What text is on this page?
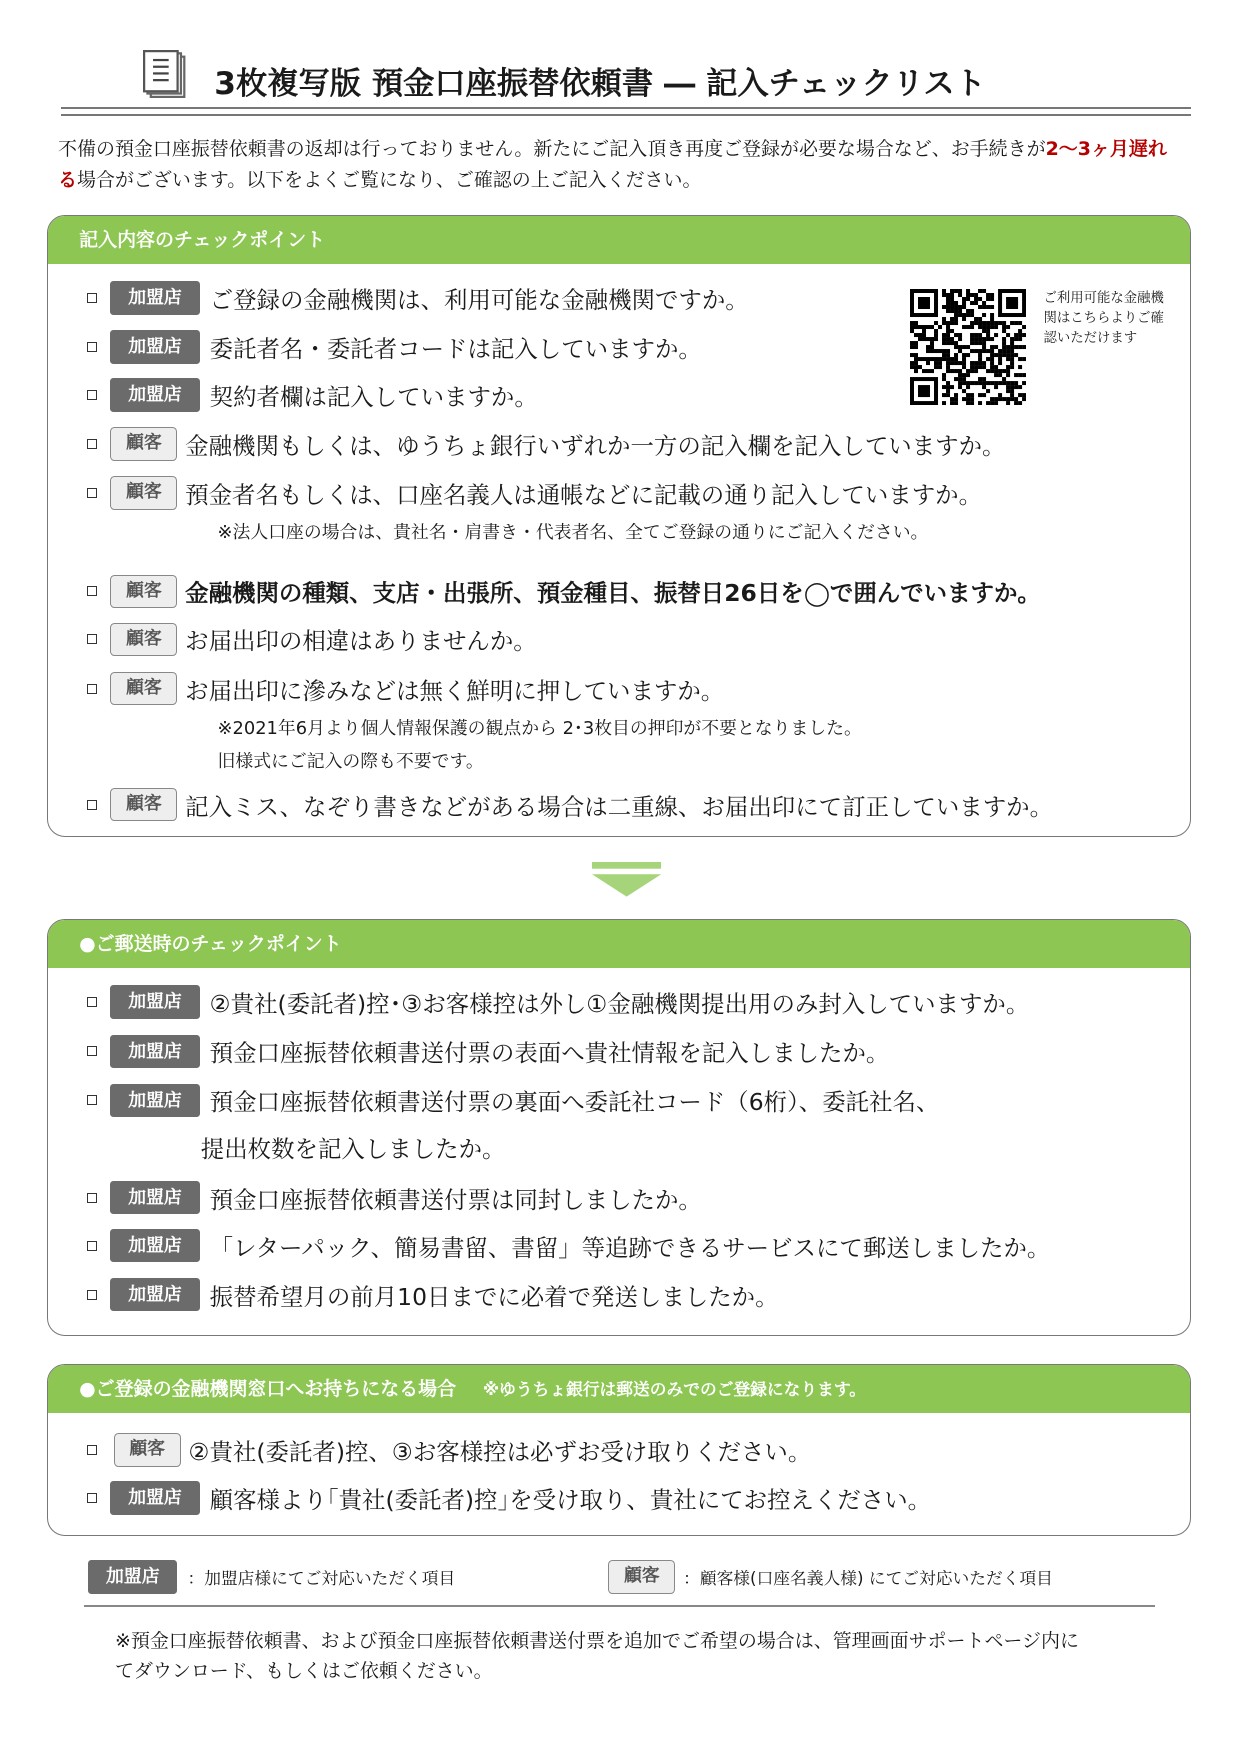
3枚複写版 預金口座振替依頼書 ― 記入チェックリスト
不備の預金口座振替依頼書の返却は行っておりません。新たにご記入頂き再度ご登録が必要な場合など、お手続きが2〜3ヶ月遅れる場合がございます。以下をよくご覧になり、ご確認の上ご記入ください。
記入内容のチェックポイント
加盟店	ご登録の金融機関は、利用可能な金融機関ですか。
加盟店	委託者名・委託者コードは記入していますか。
加盟店	契約者欄は記入していますか。
顧客	金融機関もしくは、ゆうちょ銀行いずれか一方の記入欄を記入していますか。
顧客	預金者名もしくは、口座名義人は通帳などに記載の通り記入していますか。
※法人口座の場合は、貴社名・肩書き・代表者名、全てご登録の通りにご記入ください。
顧客	金融機関の種類、支店・出張所、預金種目、振替日26日を◯で囲んでいますか。
顧客	お届出印の相違はありませんか。
顧客	お届出印に滲みなどは無く鮮明に押していますか。
※2021年6月より個人情報保護の観点から 2･3枚目の押印が不要となりました。
旧様式にご記入の際も不要です。
顧客	記入ミス、なぞり書きなどがある場合は二重線、お届出印にて訂正していますか。
ご利用可能な金融機関はこちらよりご確認いただけます
●ご郵送時のチェックポイント
加盟店	②貴社(委託者)控･③お客様控は外し①金融機関提出用のみ封入していますか。
加盟店	預金口座振替依頼書送付票の表面へ貴社情報を記入しましたか。
加盟店	預金口座振替依頼書送付票の裏面へ委託社コード（6桁）、委託社名、
提出枚数を記入しましたか。
加盟店	預金口座振替依頼書送付票は同封しましたか。
加盟店	「レターパック、簡易書留、書留」等追跡できるサービスにて郵送しましたか。
加盟店	振替希望月の前月10日までに必着で発送しましたか。
●ご登録の金融機関窓口へお持ちになる場合 ※ゆうちょ銀行は郵送のみでのご登録になります。
顧客	②貴社(委託者)控、③お客様控は必ずお受け取りください。
加盟店	顧客様より｢貴社(委託者)控｣を受け取り、貴社にてお控えください。
加盟店	：加盟店様にてご対応いただく項目	顧客	：顧客様(口座名義人様) にてご対応いただく項目
※預金口座振替依頼書、および預金口座振替依頼書送付票を追加でご希望の場合は、管理画面サポートページ内にてダウンロード、もしくはご依頼ください。
